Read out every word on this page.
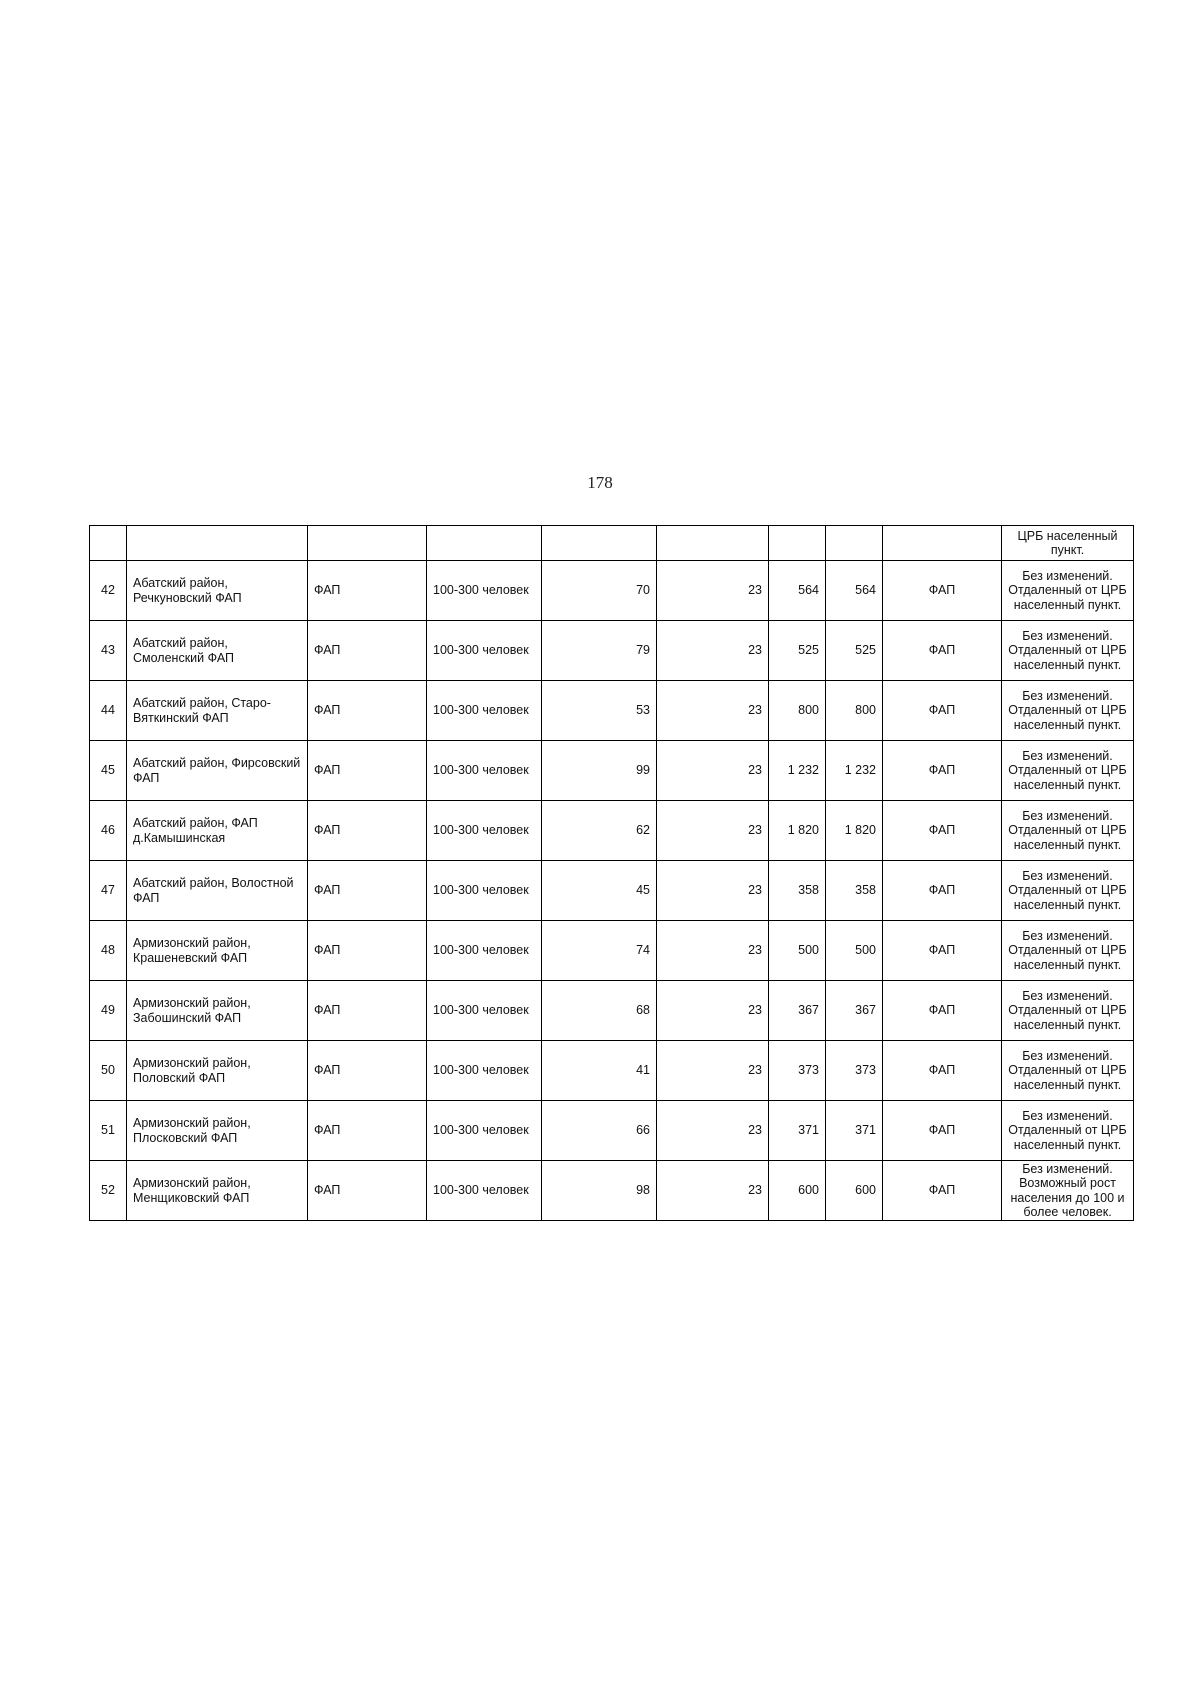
178
									ЦРБ населенный пункт.
42	Абатский район, Речкуновский ФАП	ФАП	100-300 человек	70	23	564	564	ФАП	Без изменений. Отдаленный от ЦРБ населенный пункт.
43	Абатский район, Смоленский ФАП	ФАП	100-300 человек	79	23	525	525	ФАП	Без изменений. Отдаленный от ЦРБ населенный пункт.
44	Абатский район, Старо-Вяткинский ФАП	ФАП	100-300 человек	53	23	800	800	ФАП	Без изменений. Отдаленный от ЦРБ населенный пункт.
45	Абатский район, Фирсовский ФАП	ФАП	100-300 человек	99	23	1 232	1 232	ФАП	Без изменений. Отдаленный от ЦРБ населенный пункт.
46	Абатский район, ФАП д.Камышинская	ФАП	100-300 человек	62	23	1 820	1 820	ФАП	Без изменений. Отдаленный от ЦРБ населенный пункт.
47	Абатский район, Волостной ФАП	ФАП	100-300 человек	45	23	358	358	ФАП	Без изменений. Отдаленный от ЦРБ населенный пункт.
48	Армизонский район, Крашеневский ФАП	ФАП	100-300 человек	74	23	500	500	ФАП	Без изменений. Отдаленный от ЦРБ населенный пункт.
49	Армизонский район, Забошинский ФАП	ФАП	100-300 человек	68	23	367	367	ФАП	Без изменений. Отдаленный от ЦРБ населенный пункт.
50	Армизонский район, Половский ФАП	ФАП	100-300 человек	41	23	373	373	ФАП	Без изменений. Отдаленный от ЦРБ населенный пункт.
51	Армизонский район, Плосковский ФАП	ФАП	100-300 человек	66	23	371	371	ФАП	Без изменений. Отдаленный от ЦРБ населенный пункт.
52	Армизонский район, Менщиковский ФАП	ФАП	100-300 человек	98	23	600	600	ФАП	Без изменений. Возможный рост населения до 100 и более человек.
